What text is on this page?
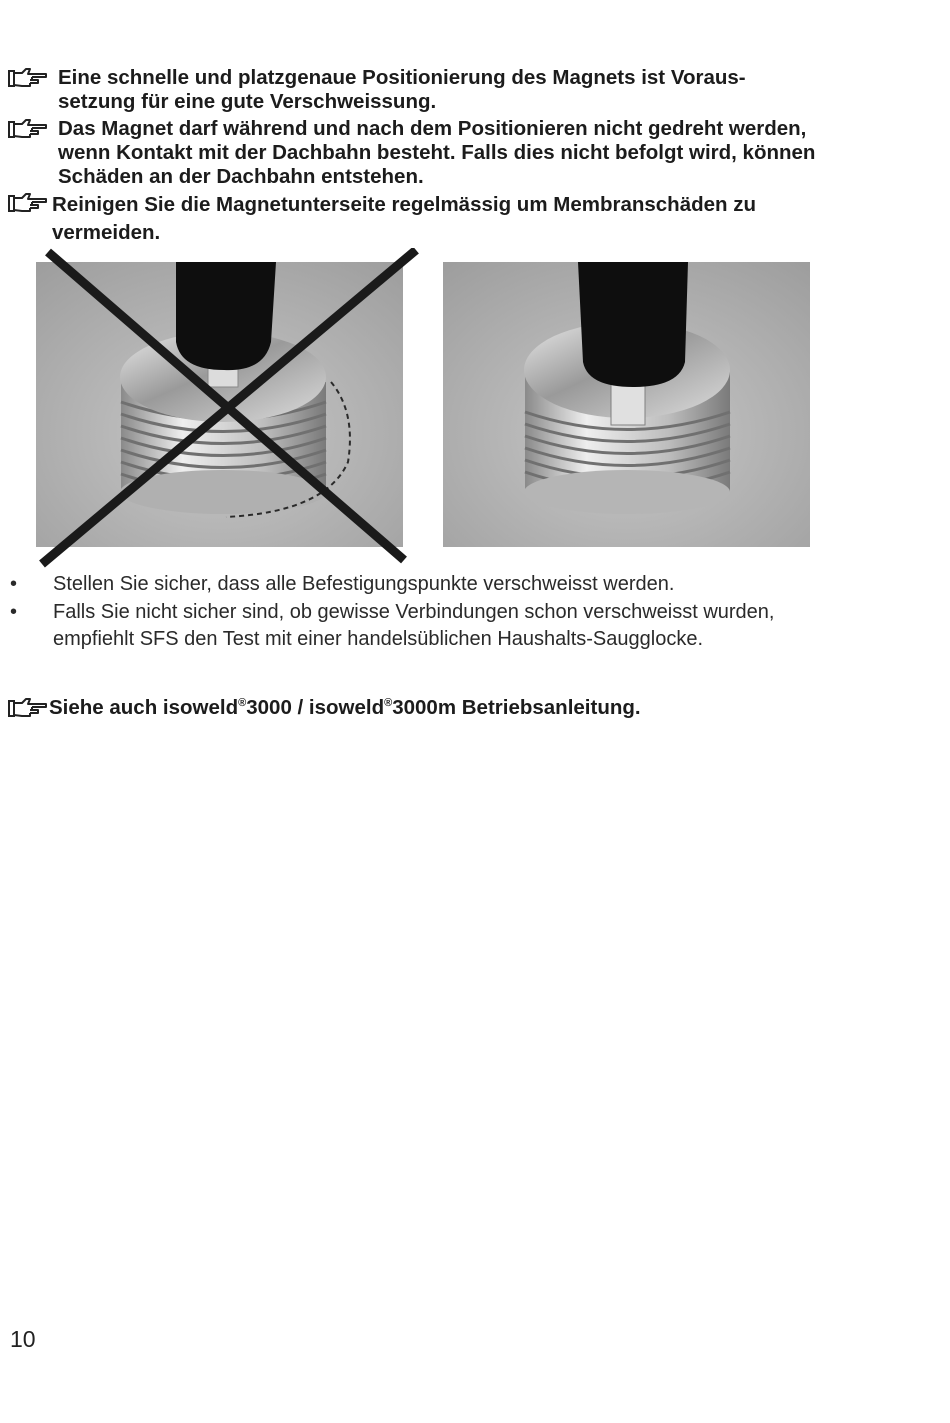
Eine schnelle und platzgenaue Positionierung des Magnets ist Voraus-
setzung für eine gute Verschweissung.
Das Magnet darf während und nach dem Positionieren nicht gedreht werden,
wenn Kontakt mit der Dachbahn besteht. Falls dies nicht befolgt wird, können
Schäden an der Dachbahn entstehen.
Reinigen Sie die Magnetunterseite regelmässig um Membranschäden zu
vermeiden.
• Stellen Sie sicher, dass alle Befestigungspunkte verschweisst werden.
• Falls Sie nicht sicher sind, ob gewisse Verbindungen schon verschweisst wurden,
empfiehlt SFS den Test mit einer handelsüblichen Haushalts-Saugglocke.
Siehe auch isoweld®3000 / isoweld®3000m Betriebsanleitung.
10
